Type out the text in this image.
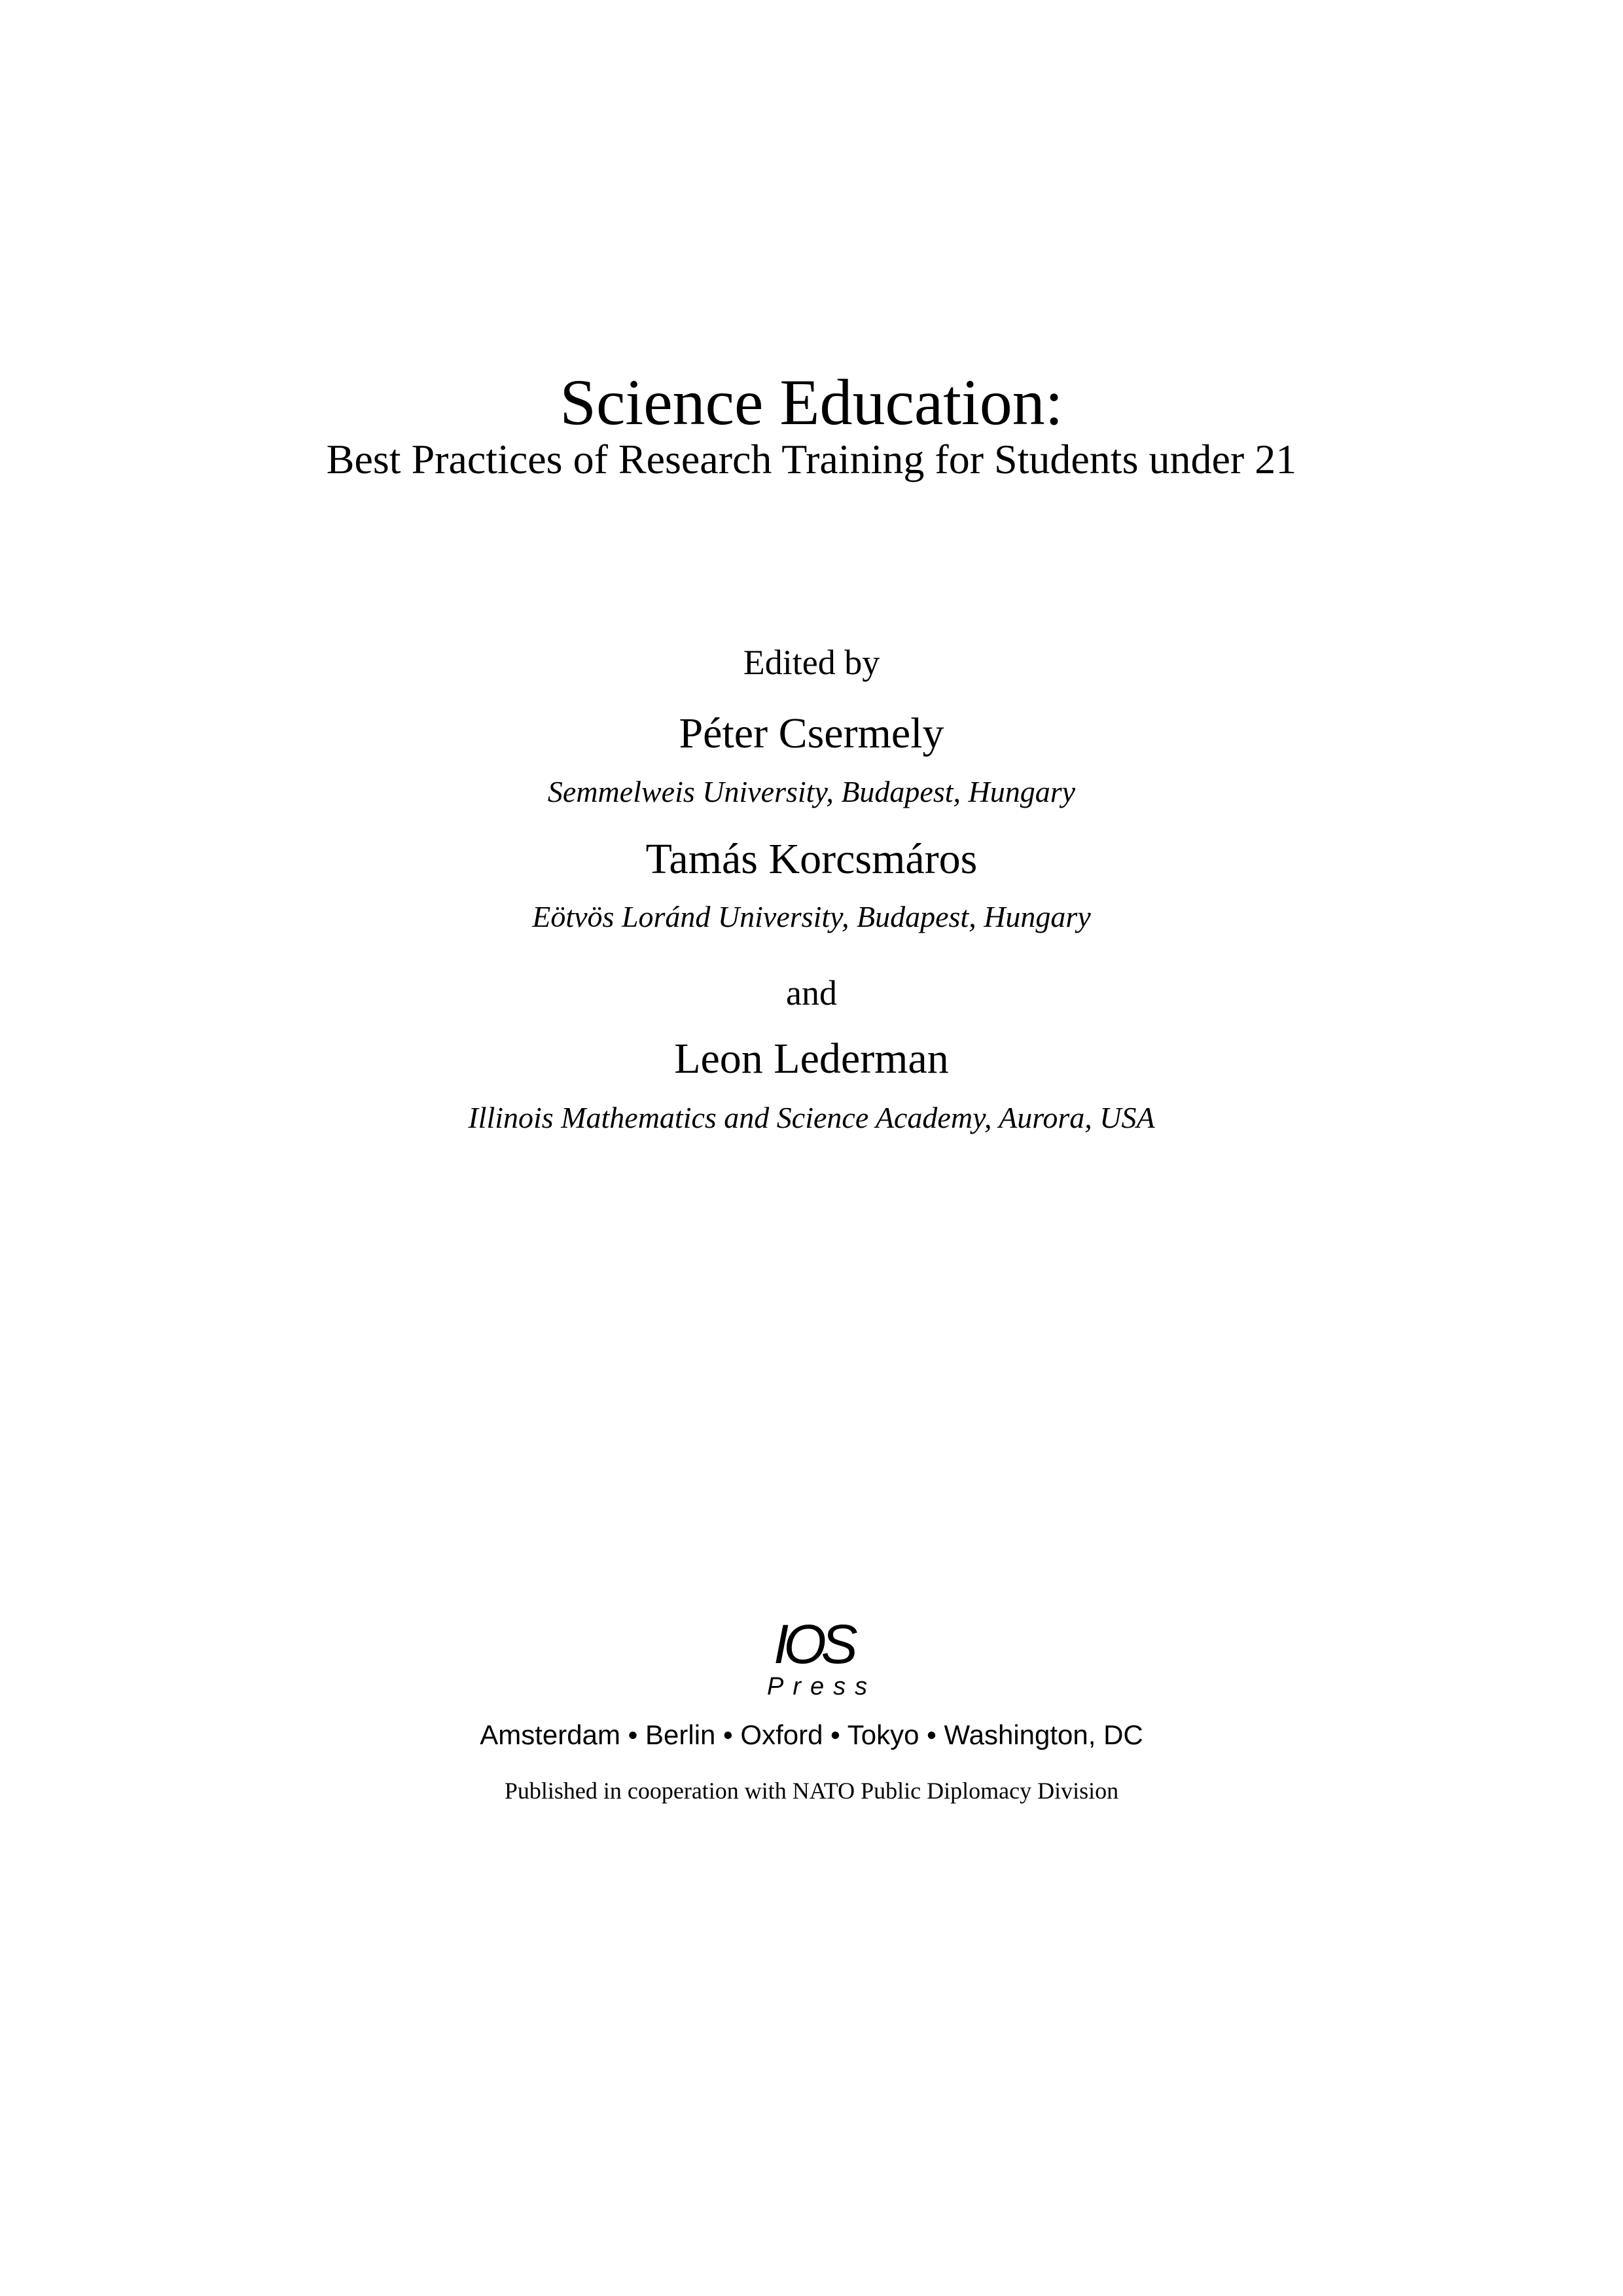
Science Education:
Best Practices of Research Training for Students under 21
Edited by
Péter Csermely
Semmelweis University, Budapest, Hungary
Tamás Korcsmáros
Eötvös Loránd University, Budapest, Hungary
and
Leon Lederman
Illinois Mathematics and Science Academy, Aurora, USA
IOS
Press
Amsterdam • Berlin • Oxford • Tokyo • Washington, DC
Published in cooperation with NATO Public Diplomacy Division
